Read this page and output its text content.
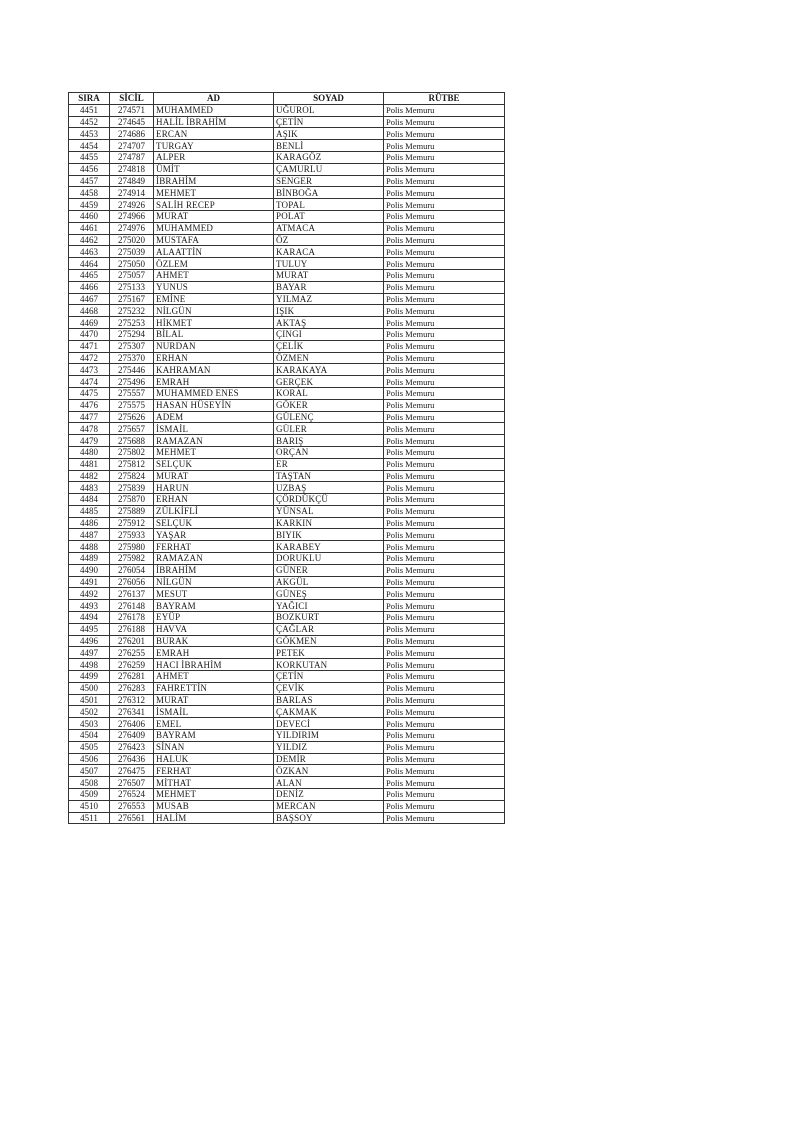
SIRA	SİCİL	AD	SOYAD	RÜTBE
4451	274571	MUHAMMED	UĞUROL	Polis Memuru
4452	274645	HALİL İBRAHİM	ÇETİN	Polis Memuru
4453	274686	ERCAN	AŞIK	Polis Memuru
4454	274707	TURGAY	BENLİ	Polis Memuru
4455	274787	ALPER	KARAGÖZ	Polis Memuru
4456	274818	ÜMİT	ÇAMURLU	Polis Memuru
4457	274849	İBRAHİM	SENGER	Polis Memuru
4458	274914	MEHMET	BİNBOĞA	Polis Memuru
4459	274926	SALİH RECEP	TOPAL	Polis Memuru
4460	274966	MURAT	POLAT	Polis Memuru
4461	274976	MUHAMMED	ATMACA	Polis Memuru
4462	275020	MUSTAFA	ÖZ	Polis Memuru
4463	275039	ALAATTİN	KARACA	Polis Memuru
4464	275050	ÖZLEM	TULUY	Polis Memuru
4465	275057	AHMET	MURAT	Polis Memuru
4466	275133	YUNUS	BAYAR	Polis Memuru
4467	275167	EMİNE	YILMAZ	Polis Memuru
4468	275232	NİLGÜN	IŞIK	Polis Memuru
4469	275253	HİKMET	AKTAŞ	Polis Memuru
4470	275294	BİLAL	ÇINGI	Polis Memuru
4471	275307	NURDAN	ÇELİK	Polis Memuru
4472	275370	ERHAN	ÖZMEN	Polis Memuru
4473	275446	KAHRAMAN	KARAKAYA	Polis Memuru
4474	275496	EMRAH	GERÇEK	Polis Memuru
4475	275557	MUHAMMED ENES	KORAL	Polis Memuru
4476	275575	HASAN HÜSEYİN	GÖKER	Polis Memuru
4477	275626	ADEM	GÜLENÇ	Polis Memuru
4478	275657	İSMAİL	GÜLER	Polis Memuru
4479	275688	RAMAZAN	BARIŞ	Polis Memuru
4480	275802	MEHMET	ORÇAN	Polis Memuru
4481	275812	SELÇUK	ER	Polis Memuru
4482	275824	MURAT	TAŞTAN	Polis Memuru
4483	275839	HARUN	UZBAŞ	Polis Memuru
4484	275870	ERHAN	ÇÖRDÜKÇÜ	Polis Memuru
4485	275889	ZÜLKİFLİ	YÜNSAL	Polis Memuru
4486	275912	SELÇUK	KARKIN	Polis Memuru
4487	275933	YAŞAR	BIYIK	Polis Memuru
4488	275980	FERHAT	KARABEY	Polis Memuru
4489	275982	RAMAZAN	DORUKLU	Polis Memuru
4490	276054	İBRAHİM	GÜNER	Polis Memuru
4491	276056	NİLGÜN	AKGÜL	Polis Memuru
4492	276137	MESUT	GÜNEŞ	Polis Memuru
4493	276148	BAYRAM	YAĞICI	Polis Memuru
4494	276178	EYÜP	BOZKURT	Polis Memuru
4495	276188	HAVVA	ÇAĞLAR	Polis Memuru
4496	276201	BURAK	GÖKMEN	Polis Memuru
4497	276255	EMRAH	PETEK	Polis Memuru
4498	276259	HACI İBRAHİM	KORKUTAN	Polis Memuru
4499	276281	AHMET	ÇETİN	Polis Memuru
4500	276283	FAHRETTİN	ÇEVİK	Polis Memuru
4501	276312	MURAT	BARLAS	Polis Memuru
4502	276341	İSMAİL	ÇAKMAK	Polis Memuru
4503	276406	EMEL	DEVECİ	Polis Memuru
4504	276409	BAYRAM	YILDIRIM	Polis Memuru
4505	276423	SİNAN	YILDIZ	Polis Memuru
4506	276436	HALUK	DEMİR	Polis Memuru
4507	276475	FERHAT	ÖZKAN	Polis Memuru
4508	276507	MİTHAT	ALAN	Polis Memuru
4509	276524	MEHMET	DENİZ	Polis Memuru
4510	276553	MUSAB	MERCAN	Polis Memuru
4511	276561	HALİM	BAŞSOY	Polis Memuru
